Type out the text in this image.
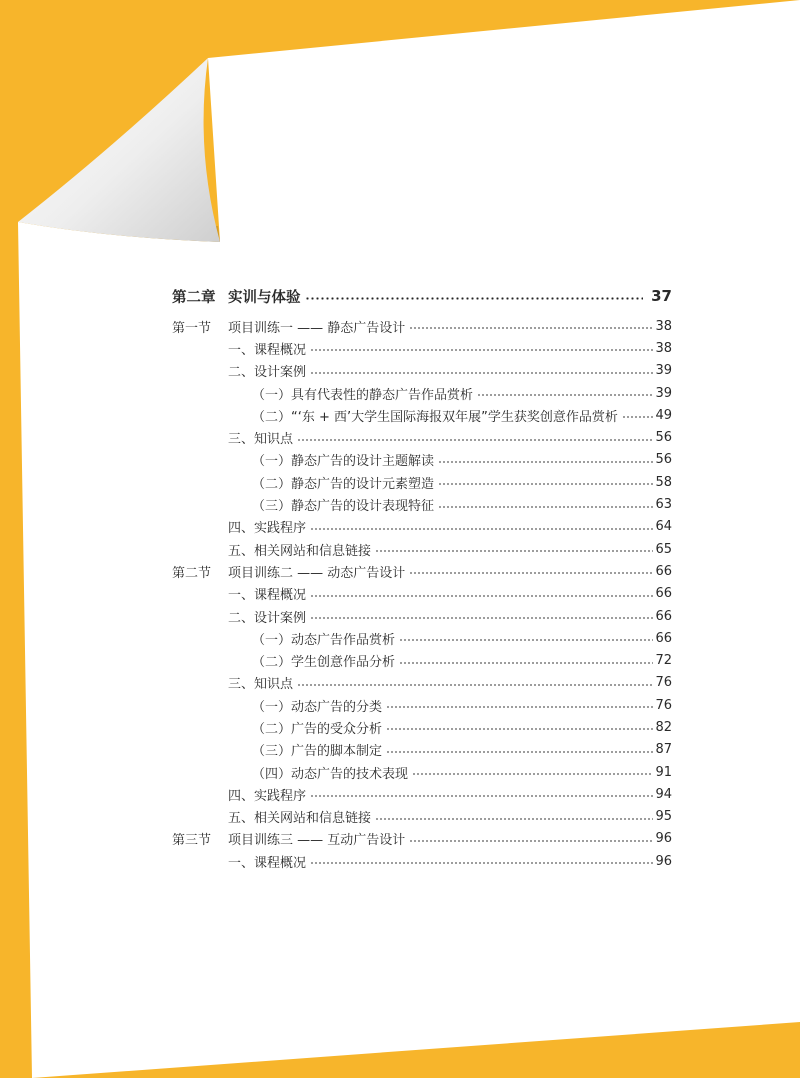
第二章 实训与体验	37
第一节 项目训练一 —— 静态广告设计	38
一、课程概况	38
二、设计案例	39
（一）具有代表性的静态广告作品赏析	39
（二）“‘东 + 西’大学生国际海报双年展”学生获奖创意作品赏析	49
三、知识点	56
（一）静态广告的设计主题解读	56
（二）静态广告的设计元素塑造	58
（三）静态广告的设计表现特征	63
四、实践程序	64
五、相关网站和信息链接	65
第二节 项目训练二 —— 动态广告设计	66
一、课程概况	66
二、设计案例	66
（一）动态广告作品赏析	66
（二）学生创意作品分析	72
三、知识点	76
（一）动态广告的分类	76
（二）广告的受众分析	82
（三）广告的脚本制定	87
（四）动态广告的技术表现	91
四、实践程序	94
五、相关网站和信息链接	95
第三节 项目训练三 —— 互动广告设计	96
一、课程概况	96
